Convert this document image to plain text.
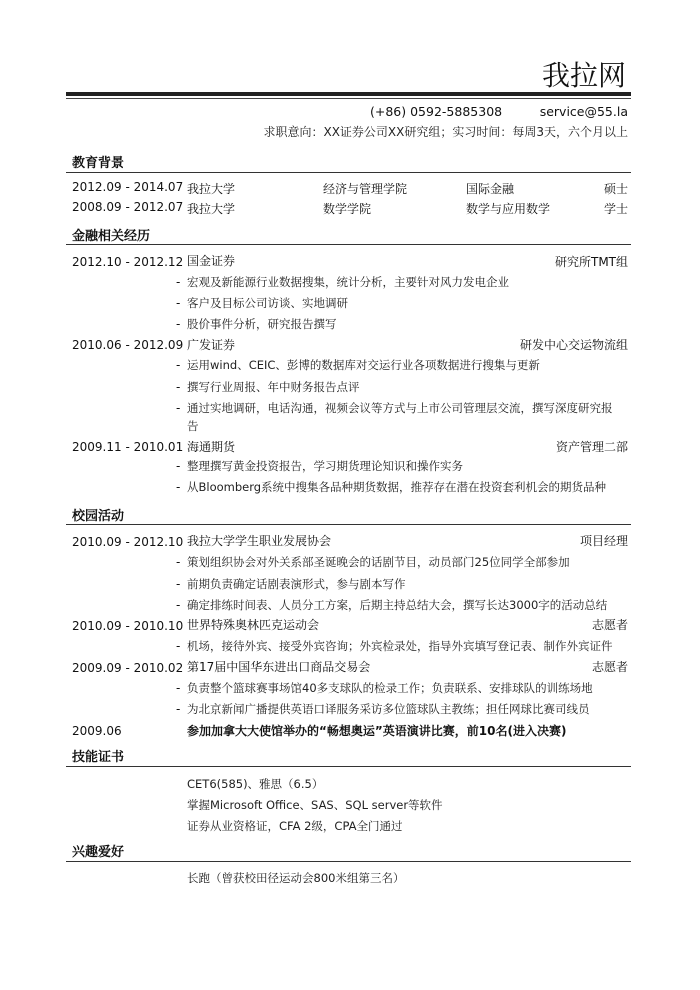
我拉网
(+86) 0592-5885308	service@55.la
求职意向：XX证券公司XX研究组；实习时间：每周3天，六个月以上
教育背景
2012.09 - 2014.07 我拉大学	经济与管理学院	国际金融	硕士
2008.09 - 2012.07 我拉大学	数学学院	数学与应用数学	学士
金融相关经历
2012.10 - 2012.12 国金证券	研究所TMT组
- 宏观及新能源行业数据搜集，统计分析，主要针对风力发电企业
- 客户及目标公司访谈、实地调研
- 股价事件分析，研究报告撰写
2010.06 - 2012.09 广发证券	研发中心交运物流组
- 运用wind、CEIC、彭博的数据库对交运行业各项数据进行搜集与更新
- 撰写行业周报、年中财务报告点评
- 通过实地调研，电话沟通，视频会议等方式与上市公司管理层交流，撰写深度研究报
告
2009.11 - 2010.01 海通期货	资产管理二部
- 整理撰写黄金投资报告，学习期货理论知识和操作实务
- 从Bloomberg系统中搜集各品种期货数据，推荐存在潜在投资套利机会的期货品种
校园活动
2010.09 - 2012.10 我拉大学学生职业发展协会	项目经理
- 策划组织协会对外关系部圣诞晚会的话剧节目，动员部门25位同学全部参加
- 前期负责确定话剧表演形式，参与剧本写作
- 确定排练时间表、人员分工方案，后期主持总结大会，撰写长达3000字的活动总结
2010.09 - 2010.10 世界特殊奥林匹克运动会	志愿者
- 机场，接待外宾、接受外宾咨询；外宾检录处，指导外宾填写登记表、制作外宾证件
2009.09 - 2010.02 第17届中国华东进出口商品交易会	志愿者
- 负责整个篮球赛事场馆40多支球队的检录工作；负责联系、安排球队的训练场地
- 为北京新闻广播提供英语口译服务采访多位篮球队主教练；担任网球比赛司线员
2009.06	参加加拿大大使馆举办的“畅想奥运”英语演讲比赛，前10名(进入决赛)
技能证书
CET6(585)、雅思（6.5）
掌握Microsoft Office、SAS、SQL server等软件
证券从业资格证，CFA 2级，CPA全门通过
兴趣爱好
长跑（曾获校田径运动会800米组第三名）
